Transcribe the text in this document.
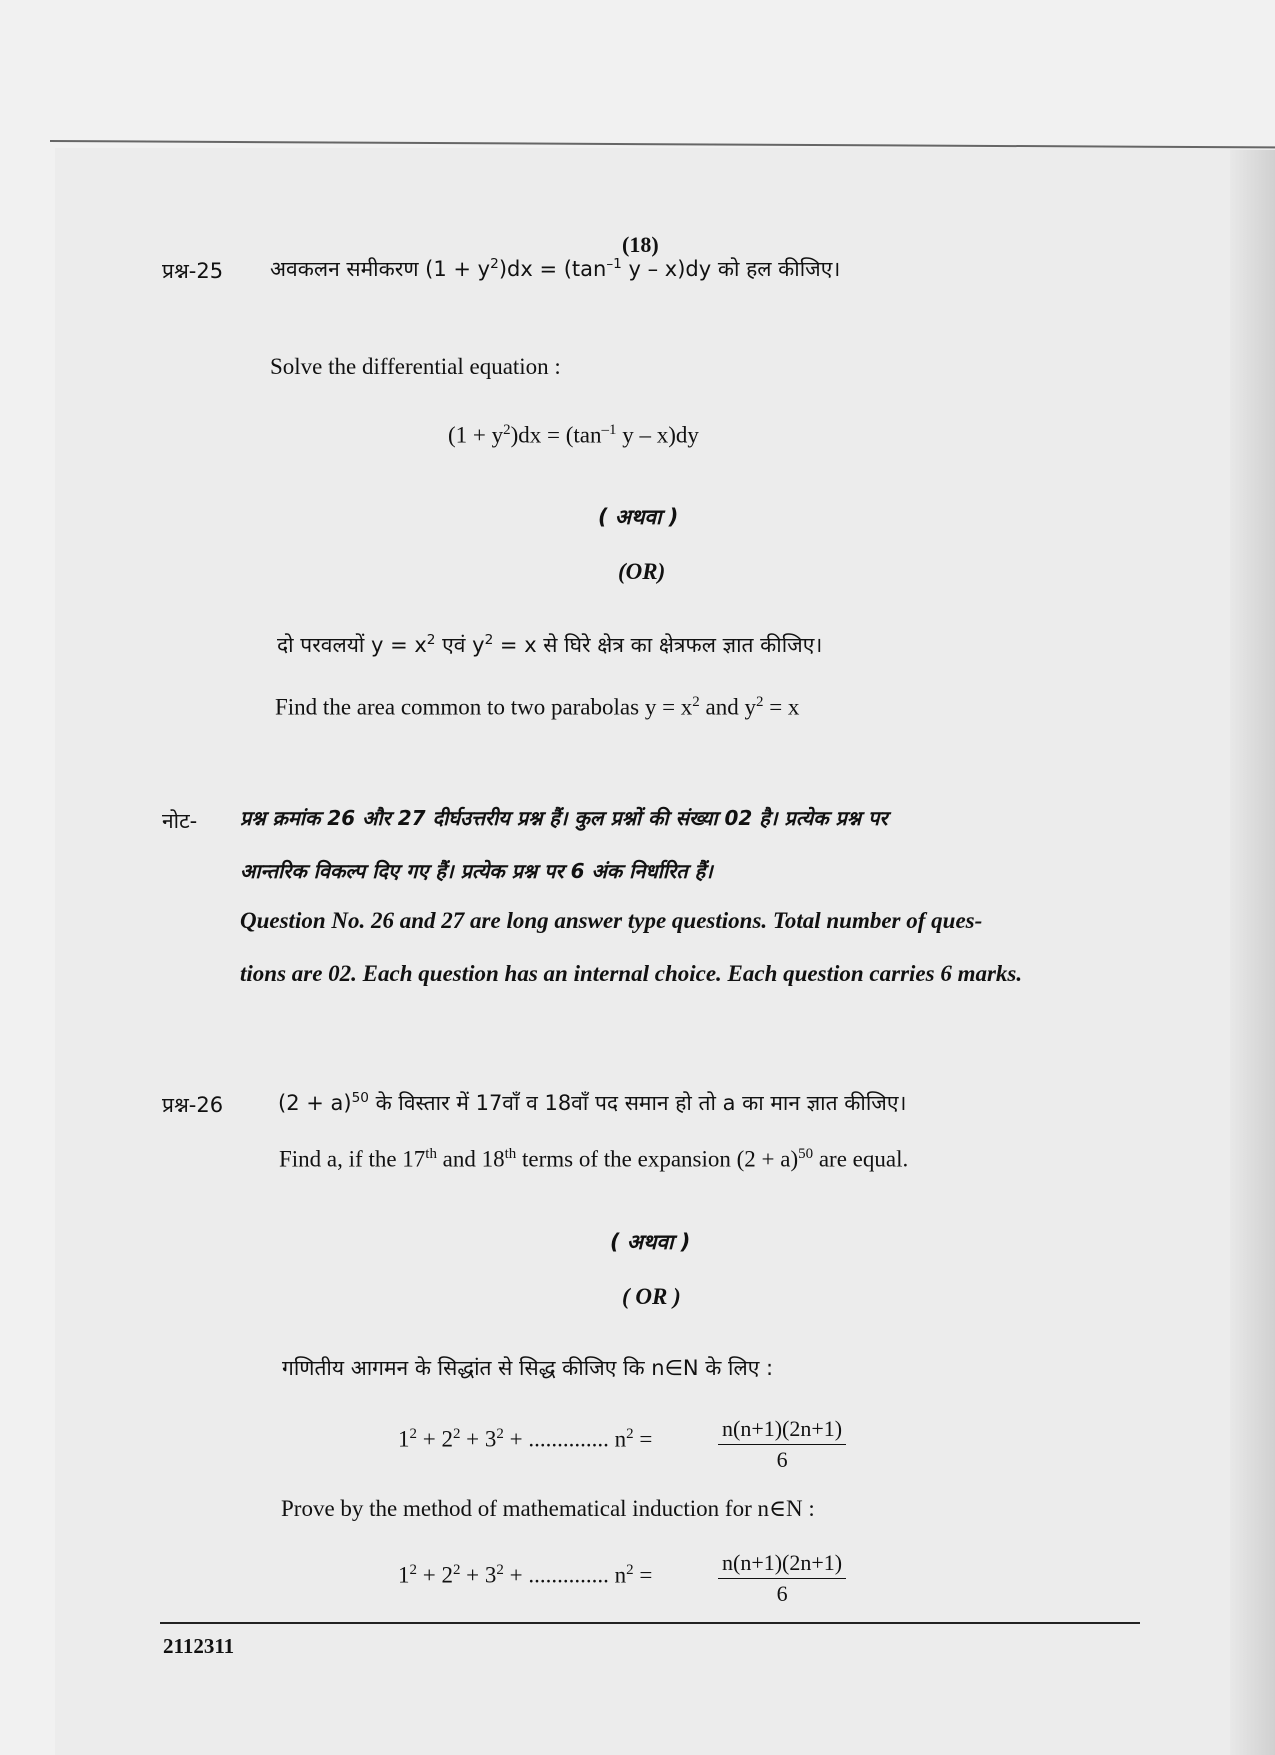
(18)
प्रश्न-25 अवकलन समीकरण $(1 + y^2)dx = (\tan^{-1}$ y – x)dy को हल कीजिए।
Solve the differential equation :
$(1 + y^2)dx = (\tan^{-1}$ y – x)dy
( अथवा )
(OR)
दो परवलयों $y = x^2$ एवं $y^2 = x$ से घिरे क्षेत्र का क्षेत्रफल ज्ञात कीजिए।
Find the area common to two parabolas $y = x^2$ and $y^2 = x$
नोट- प्रश्न क्रमांक 26 और 27 दीर्घउत्तरीय प्रश्न हैं। कुल प्रश्नों की संख्या 02 है। प्रत्येक प्रश्न पर
आन्तरिक विकल्प दिए गए हैं। प्रत्येक प्रश्न पर 6 अंक निर्धारित हैं।
Question No. 26 and 27 are long answer type questions. Total number of ques-
tions are 02. Each question has an internal choice. Each question carries 6 marks.
प्रश्न-26	$(2 + a)^{50}$ के विस्तार में 17वाँ व 18वाँ पद समान हो तो a का मान ज्ञात कीजिए।
Find a, if the 17th and 18th terms of the expansion $(2 + a)^{50}$ are equal.
( अथवा )
( OR )
गणितीय आगमन के सिद्धांत से सिद्ध कीजिए कि n∈N के लिए :
$1^2 + 2^2 + 3^2$ + .............. $n^2$ =	$\frac{n(n+1)(2n+1)}{6}$
Prove by the method of mathematical induction for n∈N :
$1^2 + 2^2 + 3^2$ + .............. $n^2$ =	$\frac{n(n+1)(2n+1)}{6}$
2112311
